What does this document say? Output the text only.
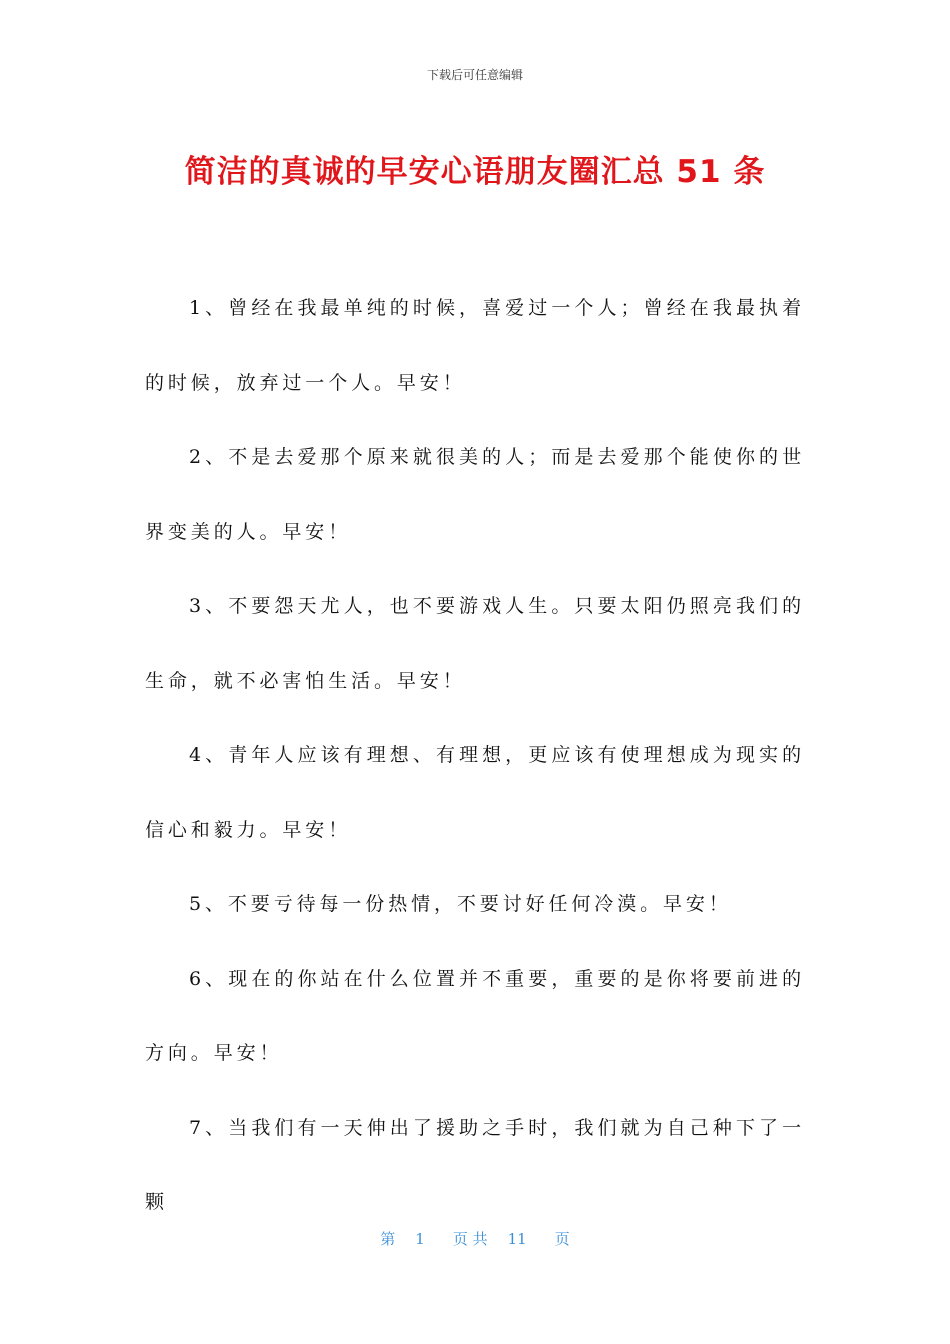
下载后可任意编辑
简洁的真诚的早安心语朋友圈汇总 51 条

1、曾经在我最单纯的时候，喜爱过一个人；曾经在我最执着的时候，放弃过一个人。早安！

2、不是去爱那个原来就很美的人；而是去爱那个能使你的世界变美的人。早安！

3、不要怨天尤人，也不要游戏人生。只要太阳仍照亮我们的生命，就不必害怕生活。早安！

4、青年人应该有理想、有理想，更应该有使理想成为现实的信心和毅力。早安！

5、不要亏待每一份热情，不要讨好任何冷漠。早安！

6、现在的你站在什么位置并不重要，重要的是你将要前进的方向。早安！

7、当我们有一天伸出了援助之手时，我们就为自己种下了一颗

第 1 页 共 11 页
